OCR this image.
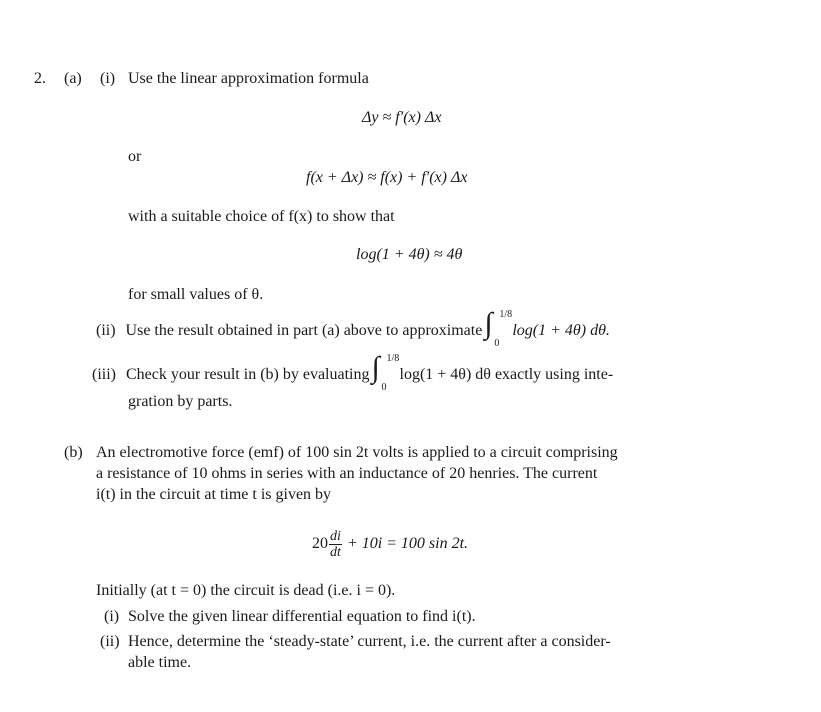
2. (a) (i) Use the linear approximation formula
Δy ≈ f′(x) Δx
or
f(x + Δx) ≈ f(x) + f′(x) Δx
with a suitable choice of f(x) to show that
log(1 + 4θ) ≈ 4θ
for small values of θ.
(ii) Use the result obtained in part (a) above to approximate ∫ 1/8
0
log(1 + 4θ) dθ.
(iii) Check your result in (b) by evaluating ∫ 1/8
0
log(1 + 4θ) dθ exactly using inte-
gration by parts.
(b) An electromotive force (emf) of 100 sin 2t volts is applied to a circuit comprising
a resistance of 10 ohms in series with an inductance of 20 henries. The current
i(t) in the circuit at time t is given by
$20 \frac{di}{dt} + 10i = 100$ sin 2t.
Initially (at t = 0) the circuit is dead (i.e. i = 0).
(i) Solve the given linear differential equation to find i(t).
(ii) Hence, determine the ‘steady-state’ current, i.e. the current after a consider-
able time.
